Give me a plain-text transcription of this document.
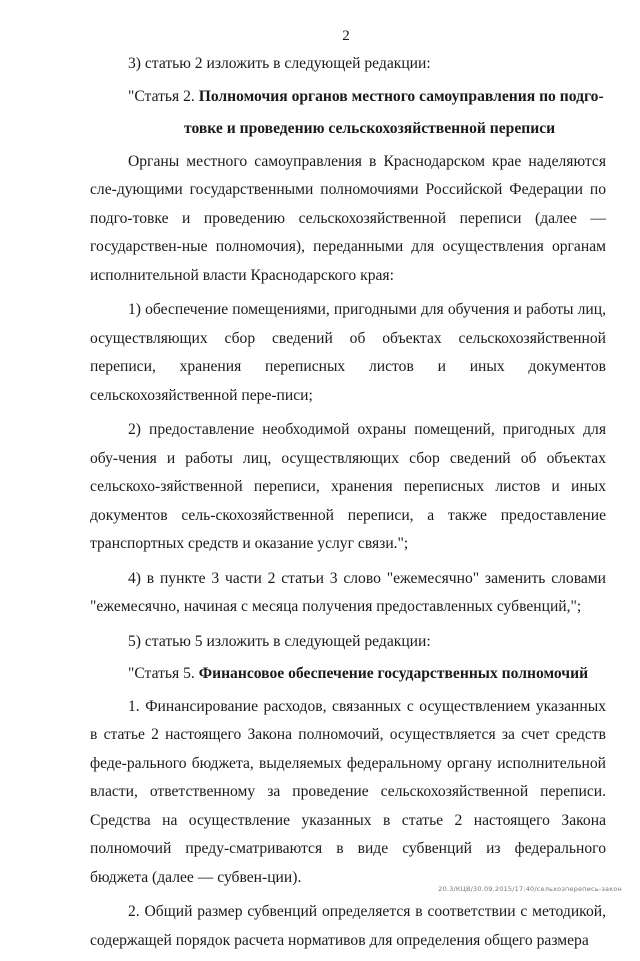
2

3) статью 2 изложить в следующей редакции:

"Статья 2. Полномочия органов местного самоуправления по подго-

товке и проведению сельскохозяйственной переписи

Органы местного самоуправления в Краснодарском крае наделяются сле-дующими государственными полномочиями Российской Федерации по подго-товке и проведению сельскохозяйственной переписи (далее — государствен-ные полномочия), переданными для осуществления органам исполнительной власти Краснодарского края:

1) обеспечение помещениями, пригодными для обучения и работы лиц, осуществляющих сбор сведений об объектах сельскохозяйственной переписи, хранения переписных листов и иных документов сельскохозяйственной пере-писи;

2) предоставление необходимой охраны помещений, пригодных для обу-чения и работы лиц, осуществляющих сбор сведений об объектах сельскохо-зяйственной переписи, хранения переписных листов и иных документов сель-скохозяйственной переписи, а также предоставление транспортных средств и оказание услуг связи.";

4) в пункте 3 части 2 статьи 3 слово "ежемесячно" заменить словами "ежемесячно, начиная с месяца получения предоставленных субвенций,";

5) статью 5 изложить в следующей редакции:

"Статья 5. Финансовое обеспечение государственных полномочий

1. Финансирование расходов, связанных с осуществлением указанных в статье 2 настоящего Закона полномочий, осуществляется за счет средств феде-рального бюджета, выделяемых федеральному органу исполнительной власти, ответственному за проведение сельскохозяйственной переписи. Средства на осуществление указанных в статье 2 настоящего Закона полномочий преду-сматриваются в виде субвенций из федерального бюджета (далее — субвен-ции).

2. Общий размер субвенций определяется в соответствии с методикой, содержащей порядок расчета нормативов для определения общего размера

20.3/КЦВ/30.09.2015/17:40/сельхозперепись-закон
